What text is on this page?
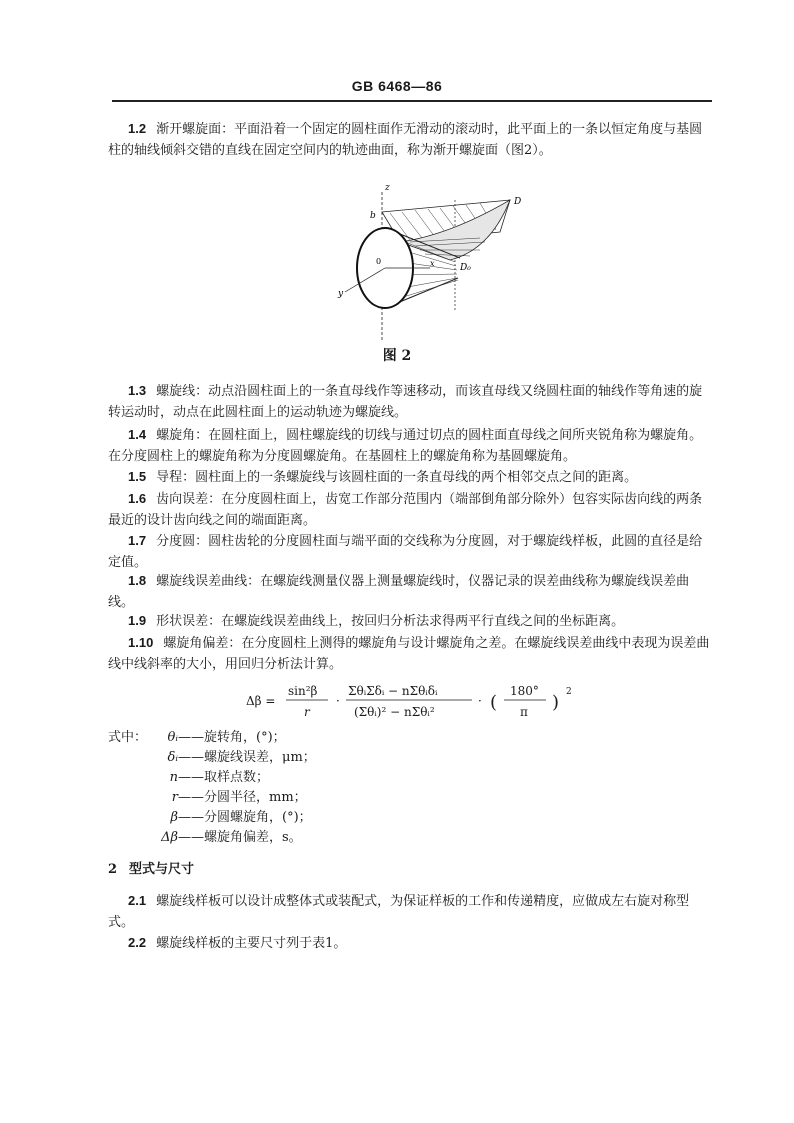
GB 6468—86
1.2 渐开螺旋面：平面沿着一个固定的圆柱面作无滑动的滚动时，此平面上的一条以恒定角度与基圆柱的轴线倾斜交错的直线在固定空间内的轨迹曲面，称为渐开螺旋面（图2）。
z
b
D
0	x	D₀
y
图 2
1.3 螺旋线：动点沿圆柱面上的一条直母线作等速移动，而该直母线又绕圆柱面的轴线作等角速的旋转运动时，动点在此圆柱面上的运动轨迹为螺旋线。
1.4 螺旋角：在圆柱面上，圆柱螺旋线的切线与通过切点的圆柱面直母线之间所夹锐角称为螺旋角。在分度圆柱上的螺旋角称为分度圆螺旋角。在基圆柱上的螺旋角称为基圆螺旋角。
1.5 导程：圆柱面上的一条螺旋线与该圆柱面的一条直母线的两个相邻交点之间的距离。
1.6 齿向误差：在分度圆柱面上，齿宽工作部分范围内（端部倒角部分除外）包容实际齿向线的两条最近的设计齿向线之间的端面距离。
1.7 分度圆：圆柱齿轮的分度圆柱面与端平面的交线称为分度圆，对于螺旋线样板，此圆的直径是给定值。
1.8 螺旋线误差曲线：在螺旋线测量仪器上测量螺旋线时，仪器记录的误差曲线称为螺旋线误差曲线。
1.9 形状误差：在螺旋线误差曲线上，按回归分析法求得两平行直线之间的坐标距离。
1.10 螺旋角偏差：在分度圆柱上测得的螺旋角与设计螺旋角之差。在螺旋线误差曲线中表现为误差曲线中线斜率的大小，用回归分析法计算。
Δβ =
sin²β
r
·
ΣθᵢΣδᵢ − nΣθᵢδᵢ
(Σθᵢ)² − nΣθᵢ²
· (
180°
π ) 2
式中：	θᵢ ——旋转角，(°)；
δᵢ ——螺旋线误差，μm；
n ——取样点数；
r ——分圆半径，mm；
β ——分圆螺旋角，(°)；
Δβ ——螺旋角偏差，s。
2 型式与尺寸
2.1 螺旋线样板可以设计成整体式或装配式，为保证样板的工作和传递精度，应做成左右旋对称型式。
2.2 螺旋线样板的主要尺寸列于表1。
